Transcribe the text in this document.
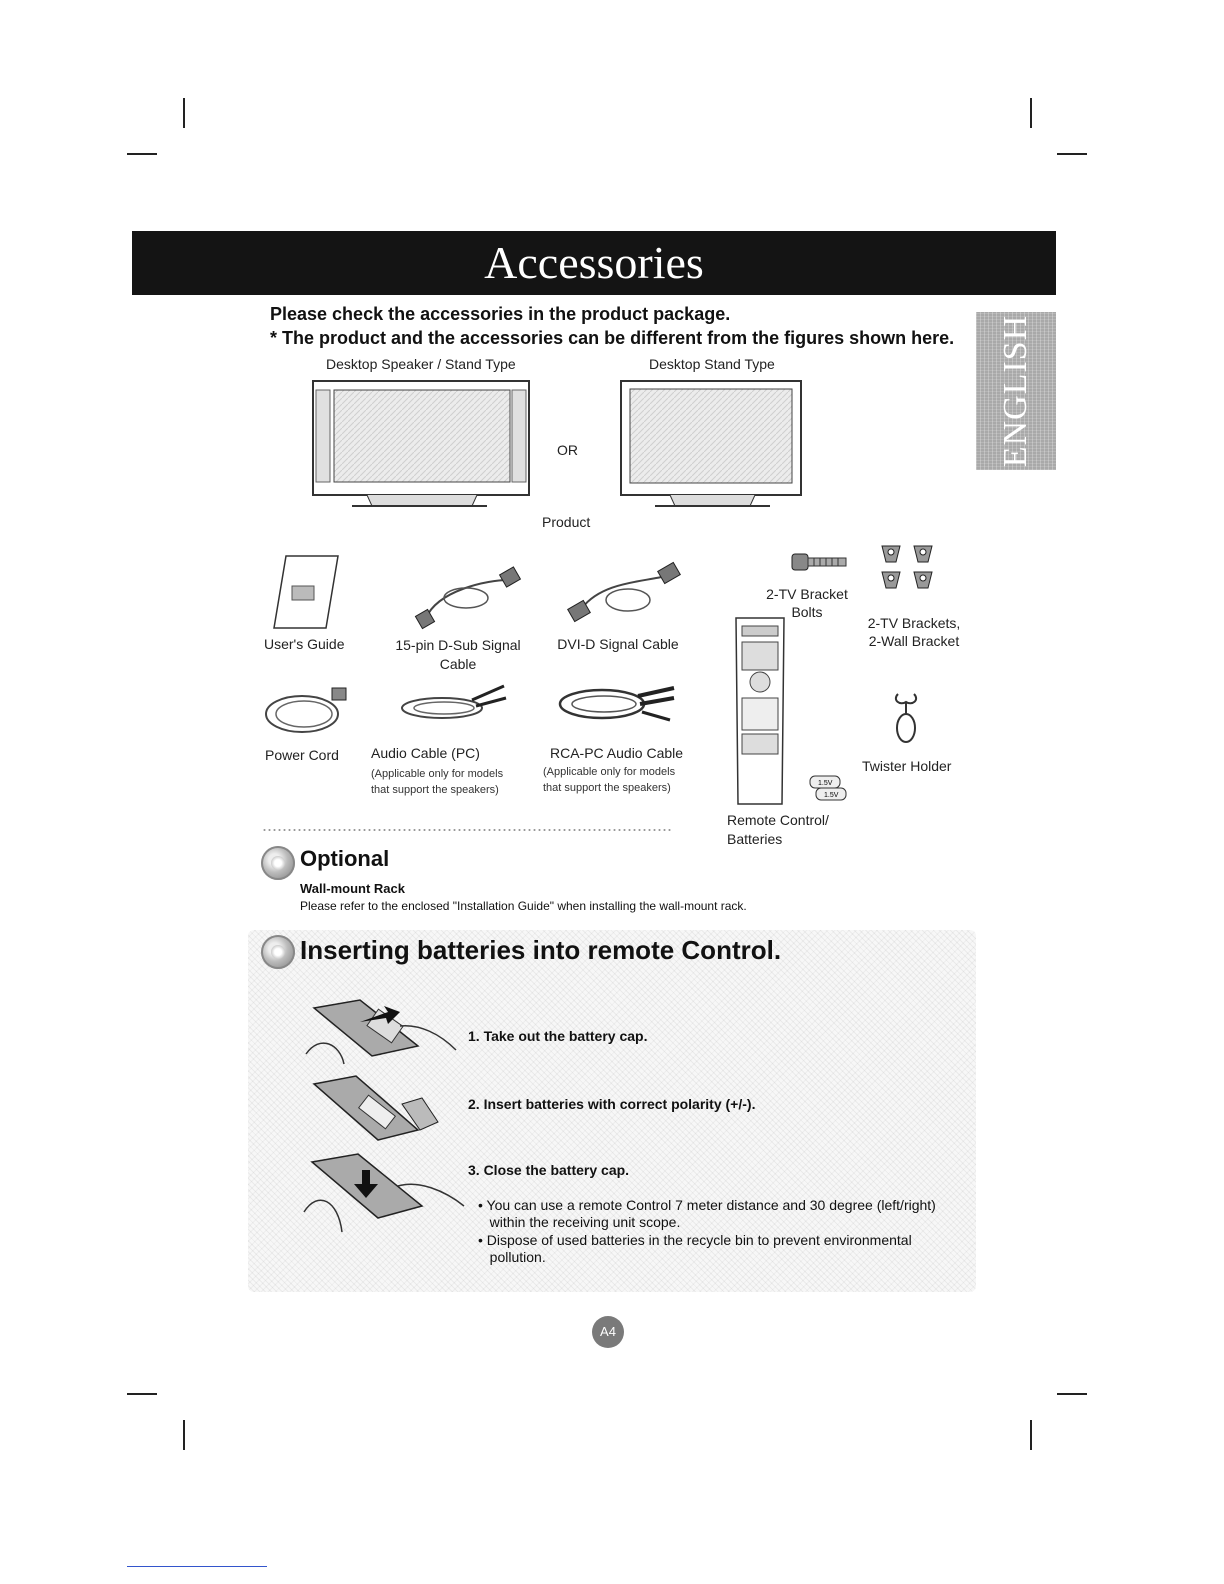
Accessories
ENGLISH
Please check the accessories in the product package.
* The product and the accessories can be different from the figures shown here.
Desktop Speaker / Stand Type	Desktop Stand Type
OR
Product
15-pin D-Sub Signal
Cable
DVI-D Signal Cable
2-TV Bracket
Bolts
2-TV Brackets,
2-Wall Bracket
User's Guide
1.5V
1.5V
Remote Control/
Batteries
Power Cord Audio Cable (PC)
(Applicable only for models
that support the speakers)
RCA-PC Audio Cable
(Applicable only for models
that support the speakers)
Twister Holder
Optional
Wall-mount Rack
Please refer to the enclosed "Installation Guide" when installing the wall-mount rack.
Inserting batteries into remote Control.
1. Take out the battery cap.
2. Insert batteries with correct polarity (+/-).
3. Close the battery cap.
• You can use a remote Control 7 meter distance and 30 degree (left/right)
within the receiving unit scope.
• Dispose of used batteries in the recycle bin to prevent environmental
pollution.
A4
